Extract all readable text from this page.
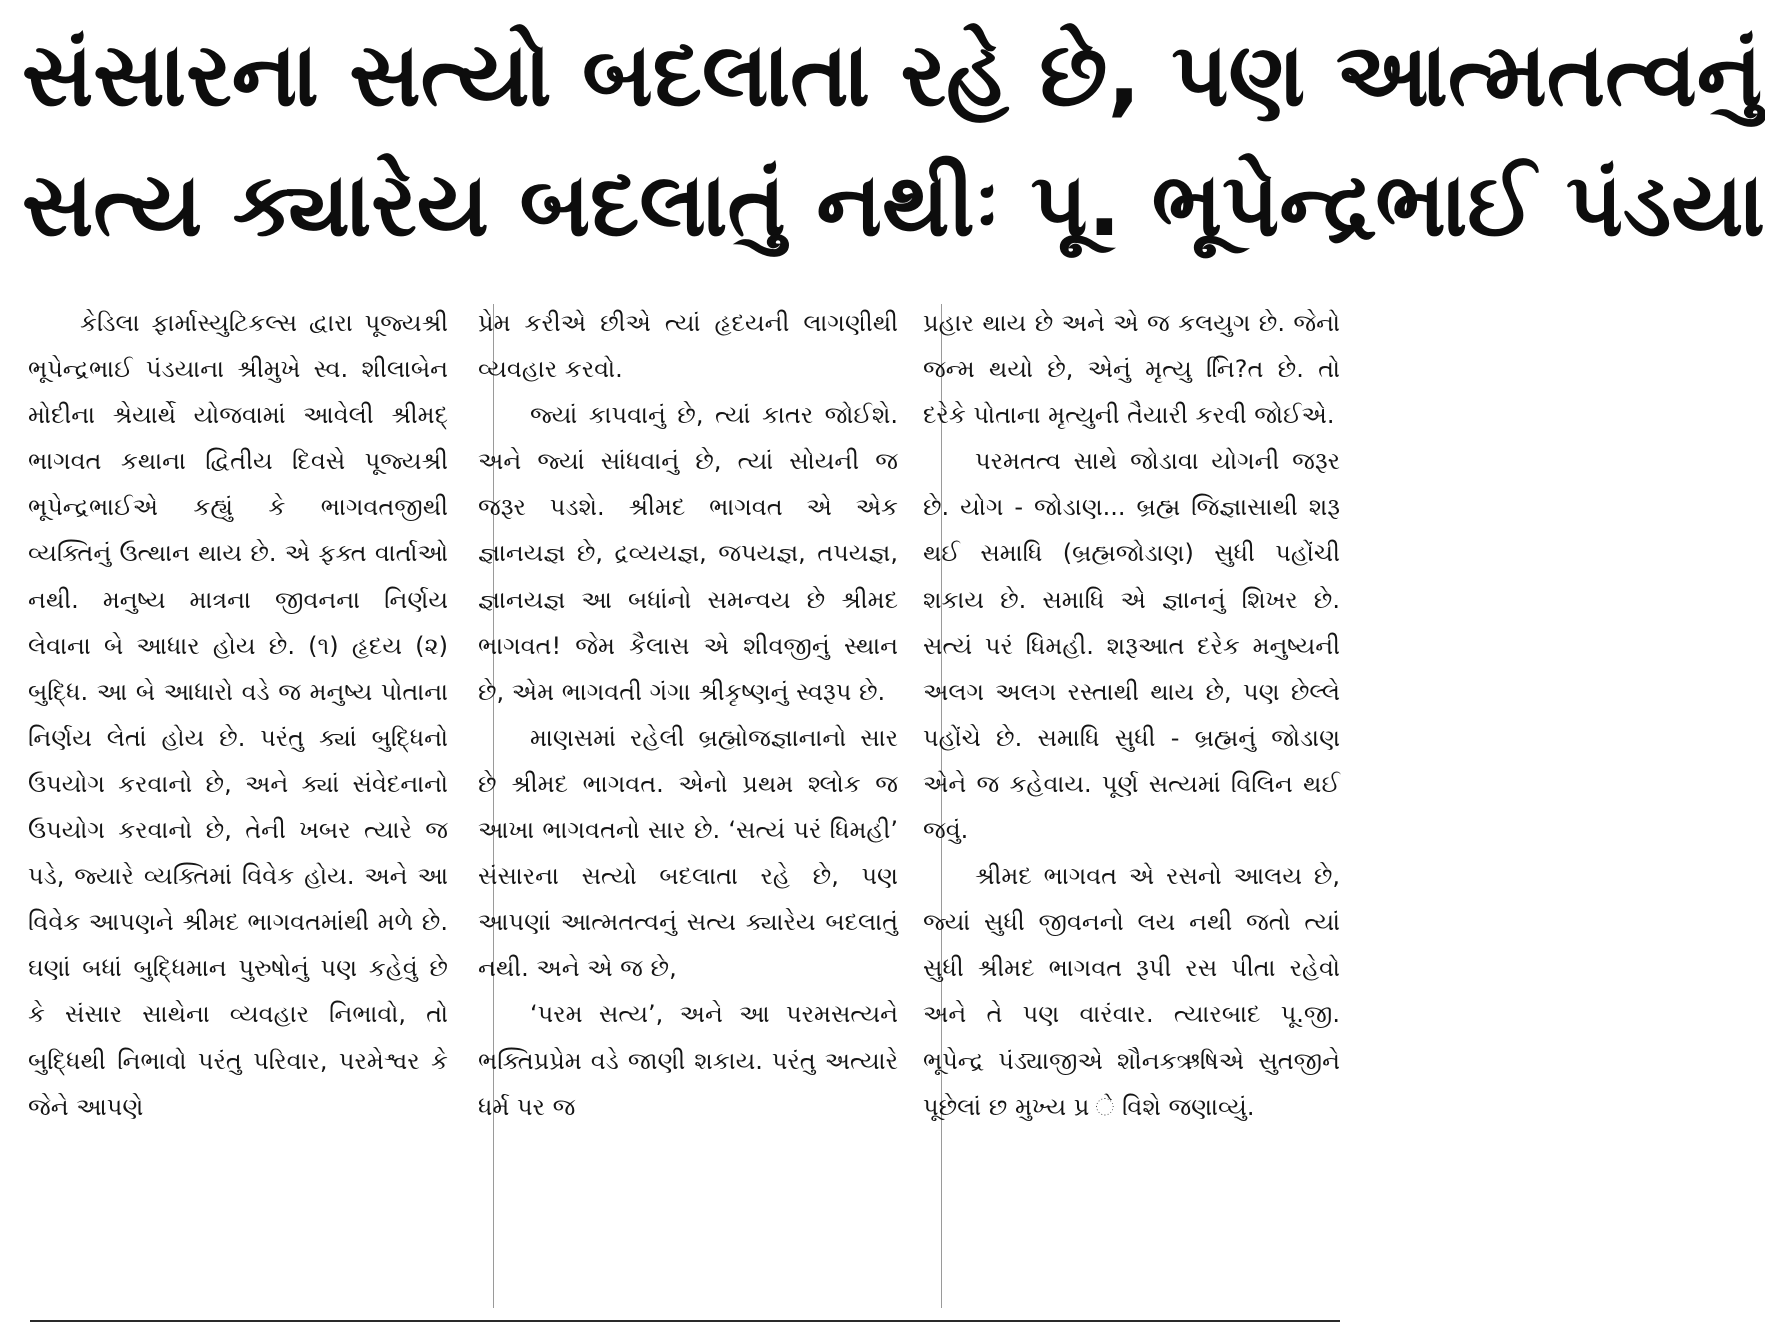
સંસારના સત્યો બદલાતા રહે છે, પણ આત્મતત્વનું
સત્ય ક્યારેય બદલાતું નથીઃ પૂ. ભૂપેન્દ્રભાઈ પંડયા

કેડિલા ફાર્માસ્યુટિકલ્સ દ્વારા પૂજ્યશ્રી ભૂપેન્દ્રભાઈ પંડયાના શ્રીમુખે સ્વ. શીલાબેન મોદીના શ્રેયાર્થે યોજવામાં આવેલી શ્રીમદ્ ભાગવત કથાના દ્વિતીય દિવસે પૂજ્યશ્રી ભૂપેન્દ્રભાઈએ કહ્યું કે ભાગવતજીથી વ્યક્તિનું ઉત્થાન થાય છે. એ ફક્ત વાર્તાઓ નથી. મનુષ્ય માત્રના જીવનના નિર્ણય લેવાના બે આધાર હોય છે. (૧) હૃદય (૨) બુદ્ધિ. આ બે આધારો વડે જ મનુષ્ય પોતાના નિર્ણય લેતાં હોય છે. પરંતુ ક્યાં બુદ્ધિનો ઉપયોગ કરવાનો છે, અને ક્યાં સંવેદનાનો ઉપયોગ કરવાનો છે, તેની ખબર ત્યારે જ પડે, જ્યારે વ્યક્તિમાં વિવેક હોય. અને આ વિવેક આપણને શ્રીમદ ભાગવતમાંથી મળે છે. ઘણાં બધાં બુદ્ધિમાન પુરુષોનું પણ કહેવું છે કે સંસાર સાથેના વ્યવહાર નિભાવો, તો બુદ્ધિથી નિભાવો પરંતુ પરિવાર, પરમેશ્વર કે જેને આપણે

પ્રેમ કરીએ છીએ ત્યાં હૃદયની લાગણીથી વ્યવહાર કરવો.

જ્યાં કાપવાનું છે, ત્યાં કાતર જોઈશે. અને જ્યાં સાંધવાનું છે, ત્યાં સોયની જ જરૂર પડશે. શ્રીમદ ભાગવત એ એક જ્ઞાનયજ્ઞ છે, દ્રવ્યયજ્ઞ, જપયજ્ઞ, તપયજ્ઞ, જ્ઞાનયજ્ઞ આ બધાંનો સમન્વય છે શ્રીમદ ભાગવત! જેમ કૈલાસ એ શીવજીનું સ્થાન છે, એમ ભાગવતી ગંગા શ્રીકૃષ્ણનું સ્વરૂપ છે.

માણસમાં રહેલી બ્રહ્મોજજ્ઞાનાનો સાર છે શ્રીમદ ભાગવત. એનો પ્રથમ શ્લોક જ આખા ભાગવતનો સાર છે. ‘સત્યં પરં ધિમહી’ સંસારના સત્યો બદલાતા રહે છે, પણ આપણાં આત્મતત્વનું સત્ય ક્યારેય બદલાતું નથી. અને એ જ છે,

‘પરમ સત્ય’, અને આ પરમસત્યને ભક્તિપ્રપ્રેમ વડે જાણી શકાય. પરંતુ અત્યારે ધર્મ પર જ

પ્રહાર થાય છે અને એ જ કલયુગ છે. જેનો જન્મ થયો છે, એનું મૃત્યુ નિિ?ત છે. તો દરેકે પોતાના મૃત્યુની તૈયારી કરવી જોઈએ.

પરમતત્વ સાથે જોડાવા યોગની જરૂર છે. યોગ - જોડાણ... બ્રહ્મ જિજ્ઞાસાથી શરૂ થઈ સમાધિ (બ્રહ્મજોડાણ) સુધી પહોંચી શકાય છે. સમાધિ એ જ્ઞાનનું શિખર છે. સત્યં પરં ધિમહી. શરૂઆત દરેક મનુષ્યની અલગ અલગ રસ્તાથી થાય છે, પણ છેલ્લે પહોંચે છે. સમાધિ સુધી - બ્રહ્મનું જોડાણ એને જ કહેવાય. પૂર્ણ સત્યમાં વિલિન થઈ જવું.

શ્રીમદ ભાગવત એ રસનો આલય છે, જ્યાં સુધી જીવનનો લય નથી જતો ત્યાં સુધી શ્રીમદ ભાગવત રૂપી રસ પીતા રહેવો અને તે પણ વારંવાર. ત્યારબાદ પૂ.જી. ભૂપેન્દ્ર પંડ્યાજીએ શૌનકઋષિએ સુતજીને પૂછેલાં છ મુખ્ય પ્ર ે વિશે જણાવ્યું.
